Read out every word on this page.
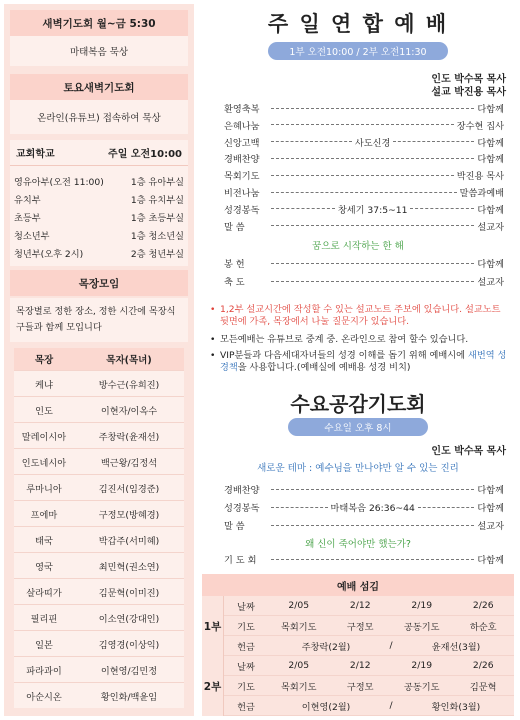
새벽기도회 월~금 5:30
마태복음 묵상
토요새벽기도회
온라인(유튜브) 접속하여 묵상
교회학교	주일 오전10:00
영유아부(오전 11:00)	1층 유아부실
유치부	1층 유치부실
초등부	1층 초등부실
청소년부	1층 청소년실
청년부(오후 2시)	2층 청년부실
목장모임
목장별로 정한 장소, 정한 시간에 목장식구들과 함께 모입니다
목장	목자(목녀)
케냐	방수근(유희진)
인도	이현자/이옥수
말레이시아	주창락(윤재선)
인도네시아	백근왕/김정석
루마니아	김진서(임경준)
프에마	구정모(방혜경)
태국	박갑주(서미혜)
영국	최민혁(권소연)
살라띠가	김문혁(이미진)
필리핀	이소연(강대인)
일본	김영경(이상익)
파라과이	이현영/김민정
아순시온	황인화/백윤임
주 일 연 합 예 배
1부 오전10:00 / 2부 오전11:30
인도 박수목 목사
설교 박진용 목사
환영축복	다함께
은혜나눔	장수현 집사
신앙고백	사도신경	다함께
경배찬양	다함께
목회기도	박진용 목사
비전나눔	말씀과예배
성경봉독	창세기 37:5~11	다함께
말 씀	설교자
꿈으로 시작하는 한 해
봉 헌	다함께
축 도	설교자
• 1,2부 설교시간에 작성할 수 있는 설교노트 주보에 있습니다. 설교노트 뒷면에 가족, 목장에서 나눌 질문지가 있습니다.
• 모든예배는 유튜브로 중계 중. 온라인으로 참여 할수 있습니다.
• VIP분들과 다음세대자녀들의 성경 이해를 돕기 위해 예배시에 새번역 성경책을 사용합니다.(예배실에 예배용 성경 비치)
수요공감기도회
수요일 오후 8시
인도 박수목 목사
새로운 테마 : 예수님을 만나야만 알 수 있는 진리
경배찬양	다함께
성경봉독	마태복음 26:36~44	다함께
말 씀	설교자
왜 신이 죽어야만 했는가?
기 도 회	다함께
예배 섬김
1부
날짜	2/05	2/12	2/19	2/26
기도	목회기도	구정모	공동기도	하순호
헌금	주창락(2월)	/	윤재선(3월)
2부
날짜	2/05	2/12	2/19	2/26
기도	목회기도	구정모	공동기도	김문혁
헌금	이현영(2월)	/	황인화(3월)
